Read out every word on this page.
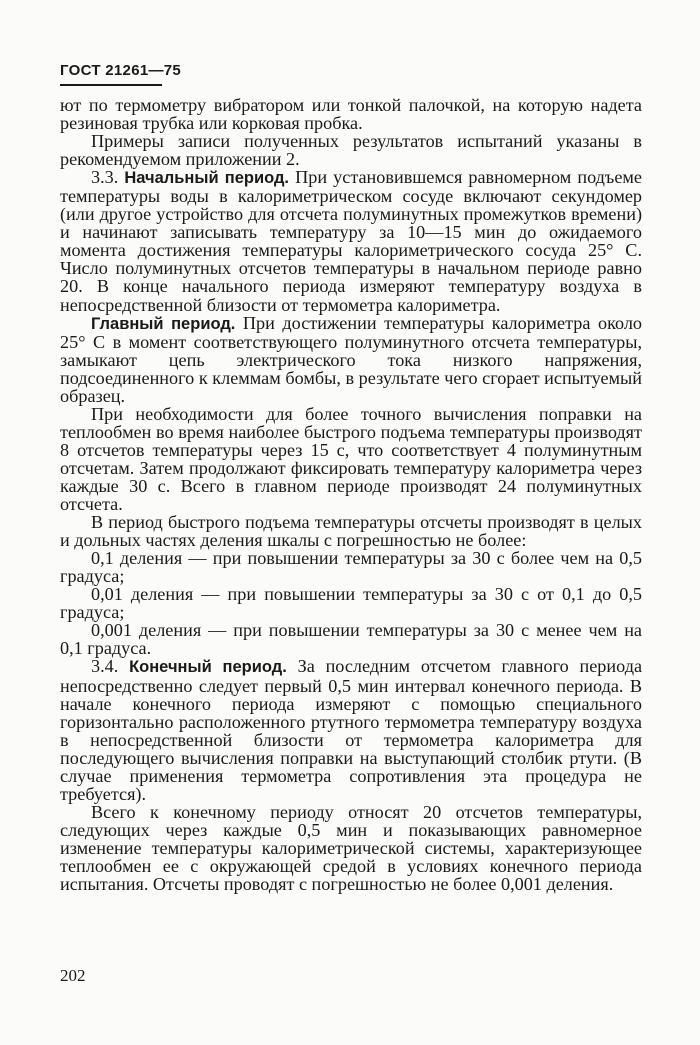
ГОСТ 21261—75

ют по термометру вибратором или тонкой палочкой, на которую надета резиновая трубка или корковая пробка.

Примеры записи полученных результатов испытаний указаны в рекомендуемом приложении 2.

3.3. Начальный период. При установившемся равномерном подъеме температуры воды в калориметрическом сосуде включают секундомер (или другое устройство для отсчета полуминутных промежутков времени) и начинают записывать температуру за 10—15 мин до ожидаемого момента достижения температуры калориметрического сосуда 25° С. Число полуминутных отсчетов температуры в начальном периоде равно 20. В конце начального периода измеряют температуру воздуха в непосредственной близости от термометра калориметра.

Главный период. При достижении температуры калориметра около 25° С в момент соответствующего полуминутного отсчета температуры, замыкают цепь электрического тока низкого напряжения, подсоединенного к клеммам бомбы, в результате чего сгорает испытуемый образец.

При необходимости для более точного вычисления поправки на теплообмен во время наиболее быстрого подъема температуры производят 8 отсчетов температуры через 15 с, что соответствует 4 полуминутным отсчетам. Затем продолжают фиксировать температуру калориметра через каждые 30 с. Всего в главном периоде производят 24 полуминутных отсчета.

В период быстрого подъема температуры отсчеты производят в целых и дольных частях деления шкалы с погрешностью не более:

0,1 деления — при повышении температуры за 30 с более чем на 0,5 градуса;

0,01 деления — при повышении температуры за 30 с от 0,1 до 0,5 градуса;

0,001 деления — при повышении температуры за 30 с менее чем на 0,1 градуса.

3.4. Конечный период. За последним отсчетом главного периода непосредственно следует первый 0,5 мин интервал конечного периода. В начале конечного периода измеряют с помощью специального горизонтально расположенного ртутного термометра температуру воздуха в непосредственной близости от термометра калориметра для последующего вычисления поправки на выступающий столбик ртути. (В случае применения термометра сопротивления эта процедура не требуется).

Всего к конечному периоду относят 20 отсчетов температуры, следующих через каждые 0,5 мин и показывающих равномерное изменение температуры калориметрической системы, характеризующее теплообмен ее с окружающей средой в условиях конечного периода испытания. Отсчеты проводят с погрешностью не более 0,001 деления.

202
